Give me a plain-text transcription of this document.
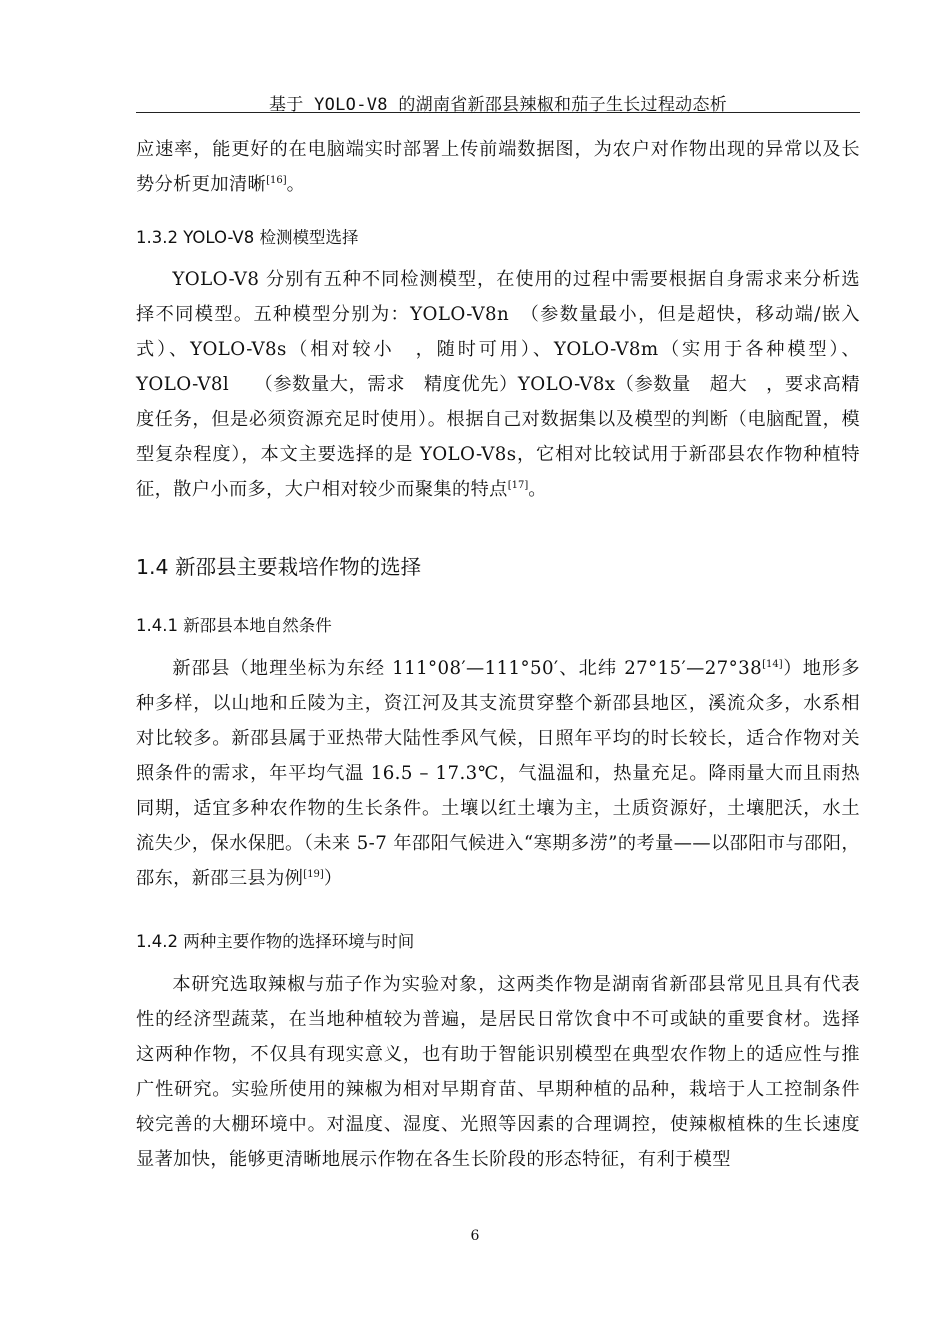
基于 YOLO-V8 的湖南省新邵县辣椒和茄子生长过程动态析

应速率，能更好的在电脑端实时部署上传前端数据图，为农户对作物出现的异常以及长势分析更加清晰[16]。

1.3.2 YOLO-V8 检测模型选择

YOLO-V8 分别有五种不同检测模型，在使用的过程中需要根据自身需求来分析选择不同模型。五种模型分别为：YOLO-V8n　（参数量最小，但是超快，移动端/嵌入式）、YOLO-V8s（相对较小　，随时可用）、YOLO-V8m（实用于各种模型）、 YOLO-V8l　 （参数量大，需求　精度优先）YOLO-V8x（参数量　超大　，要求高精度任务，但是必须资源充足时使用）。根据自己对数据集以及模型的判断（电脑配置，模型复杂程度），本文主要选择的是 YOLO-V8s，它相对比较试用于新邵县农作物种植特征，散户小而多，大户相对较少而聚集的特点[17]。

1.4 新邵县主要栽培作物的选择
1.4.1 新邵县本地自然条件

新邵县（地理坐标为东经 111°08′—111°50′、北纬 27°15′—27°38[14]）地形多种多样，以山地和丘陵为主，资江河及其支流贯穿整个新邵县地区，溪流众多，水系相对比较多。新邵县属于亚热带大陆性季风气候，日照年平均的时长较长，适合作物对关照条件的需求，年平均气温 16.5 – 17.3℃，气温温和，热量充足。降雨量大而且雨热同期，适宜多种农作物的生长条件。土壤以红土壤为主，土质资源好，土壤肥沃，水土流失少，保水保肥。（未来 5-7 年邵阳气候进入“寒期多涝”的考量——以邵阳市与邵阳，邵东，新邵三县为例[19]）

1.4.2 两种主要作物的选择环境与时间

本研究选取辣椒与茄子作为实验对象，这两类作物是湖南省新邵县常见且具有代表性的经济型蔬菜，在当地种植较为普遍，是居民日常饮食中不可或缺的重要食材。选择这两种作物，不仅具有现实意义，也有助于智能识别模型在典型农作物上的适应性与推广性研究。实验所使用的辣椒为相对早期育苗、早期种植的品种，栽培于人工控制条件较完善的大棚环境中。对温度、湿度、光照等因素的合理调控，使辣椒植株的生长速度显著加快，能够更清晰地展示作物在各生长阶段的形态特征，有利于模型

6
